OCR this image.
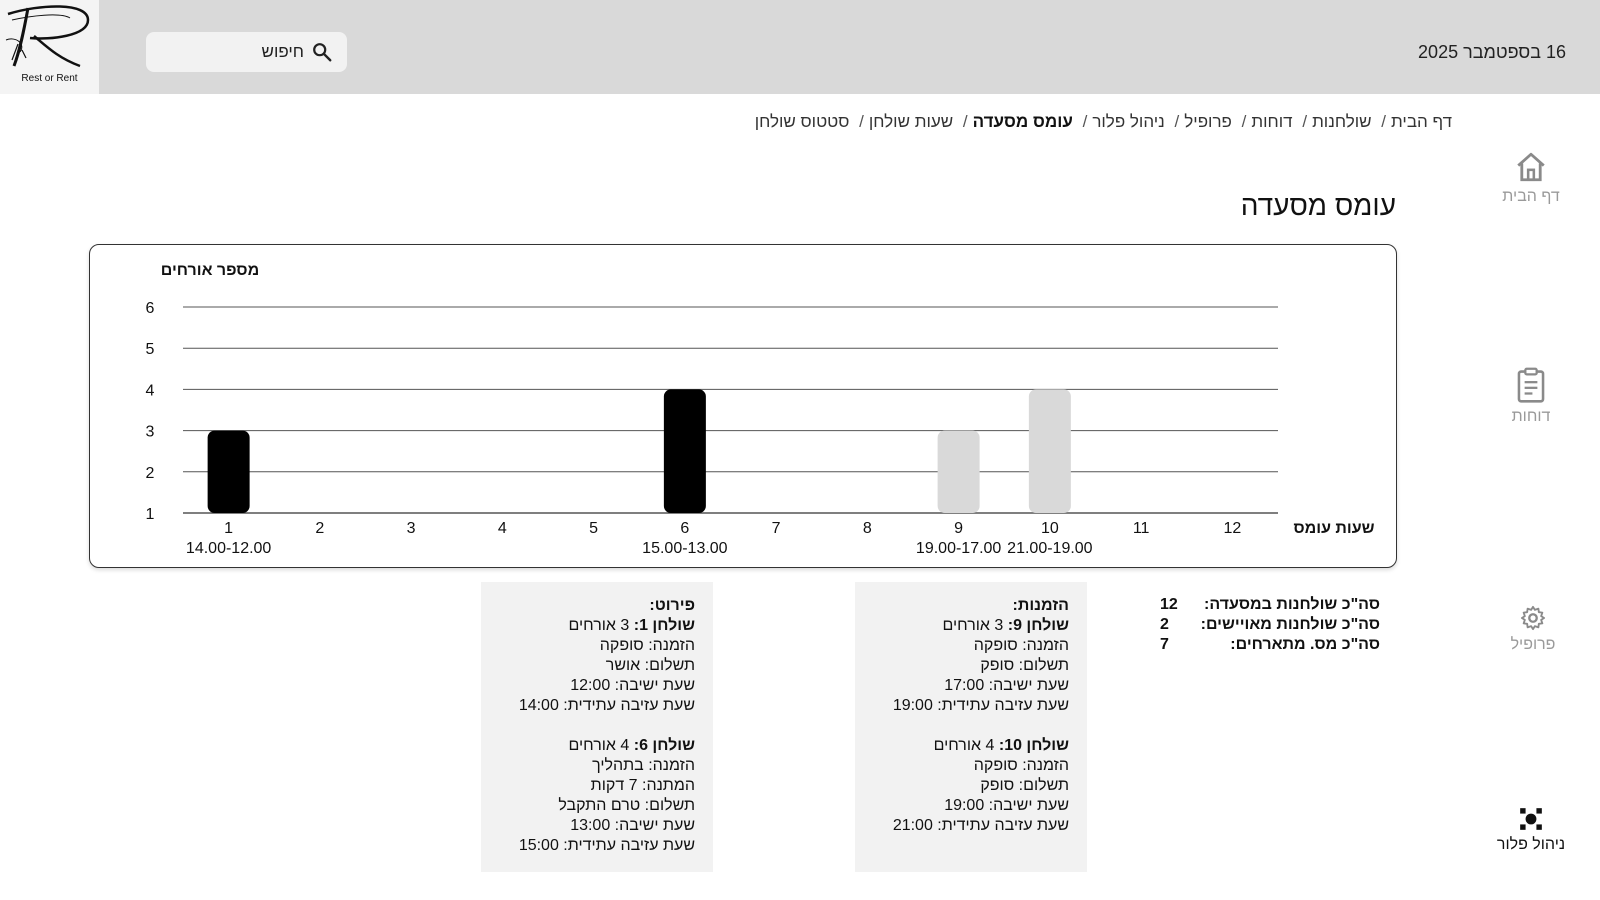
Rest or Rent
חיפוש	16 בספטמבר 2025
דף הבית/ שולחנות/ דוחות/ פרופיל/ ניהול פלור/ עומס מסעדה/ שעות שולחן/ סטטוס שולחן
דף הבית
דוחות
פרופיל
ניהול פלור
עומס מסעדה
מספר אורחים
1
2
3
4
5
6
1
14.00-12.00
2	3	4	5	6
15.00-13.00
7	8	9
19.00-17.00
10
21.00-19.00
11	12	שעות עומס
סה"כ שולחנות במסעדה:
12
סה"כ שולחנות מאויישים:
2
סה"כ מס. מתארחים:
7
הזמנות:
שולחן 9: 3 אורחים
הזמנה: סופקה
תשלום: סופק
שעת ישיבה: 17:00
שעת עזיבה עתידית: 19:00
שולחן 10: 4 אורחים
הזמנה: סופקה
תשלום: סופק
שעת ישיבה: 19:00
שעת עזיבה עתידית: 21:00
פירוט:
שולחן 1: 3 אורחים
הזמנה: סופקה
תשלום: אושר
שעת ישיבה: 12:00
שעת עזיבה עתידית: 14:00
שולחן 6: 4 אורחים
הזמנה: בתהליך
המתנה: 7 דקות
תשלום: טרם התקבל
שעת ישיבה: 13:00
שעת עזיבה עתידית: 15:00
